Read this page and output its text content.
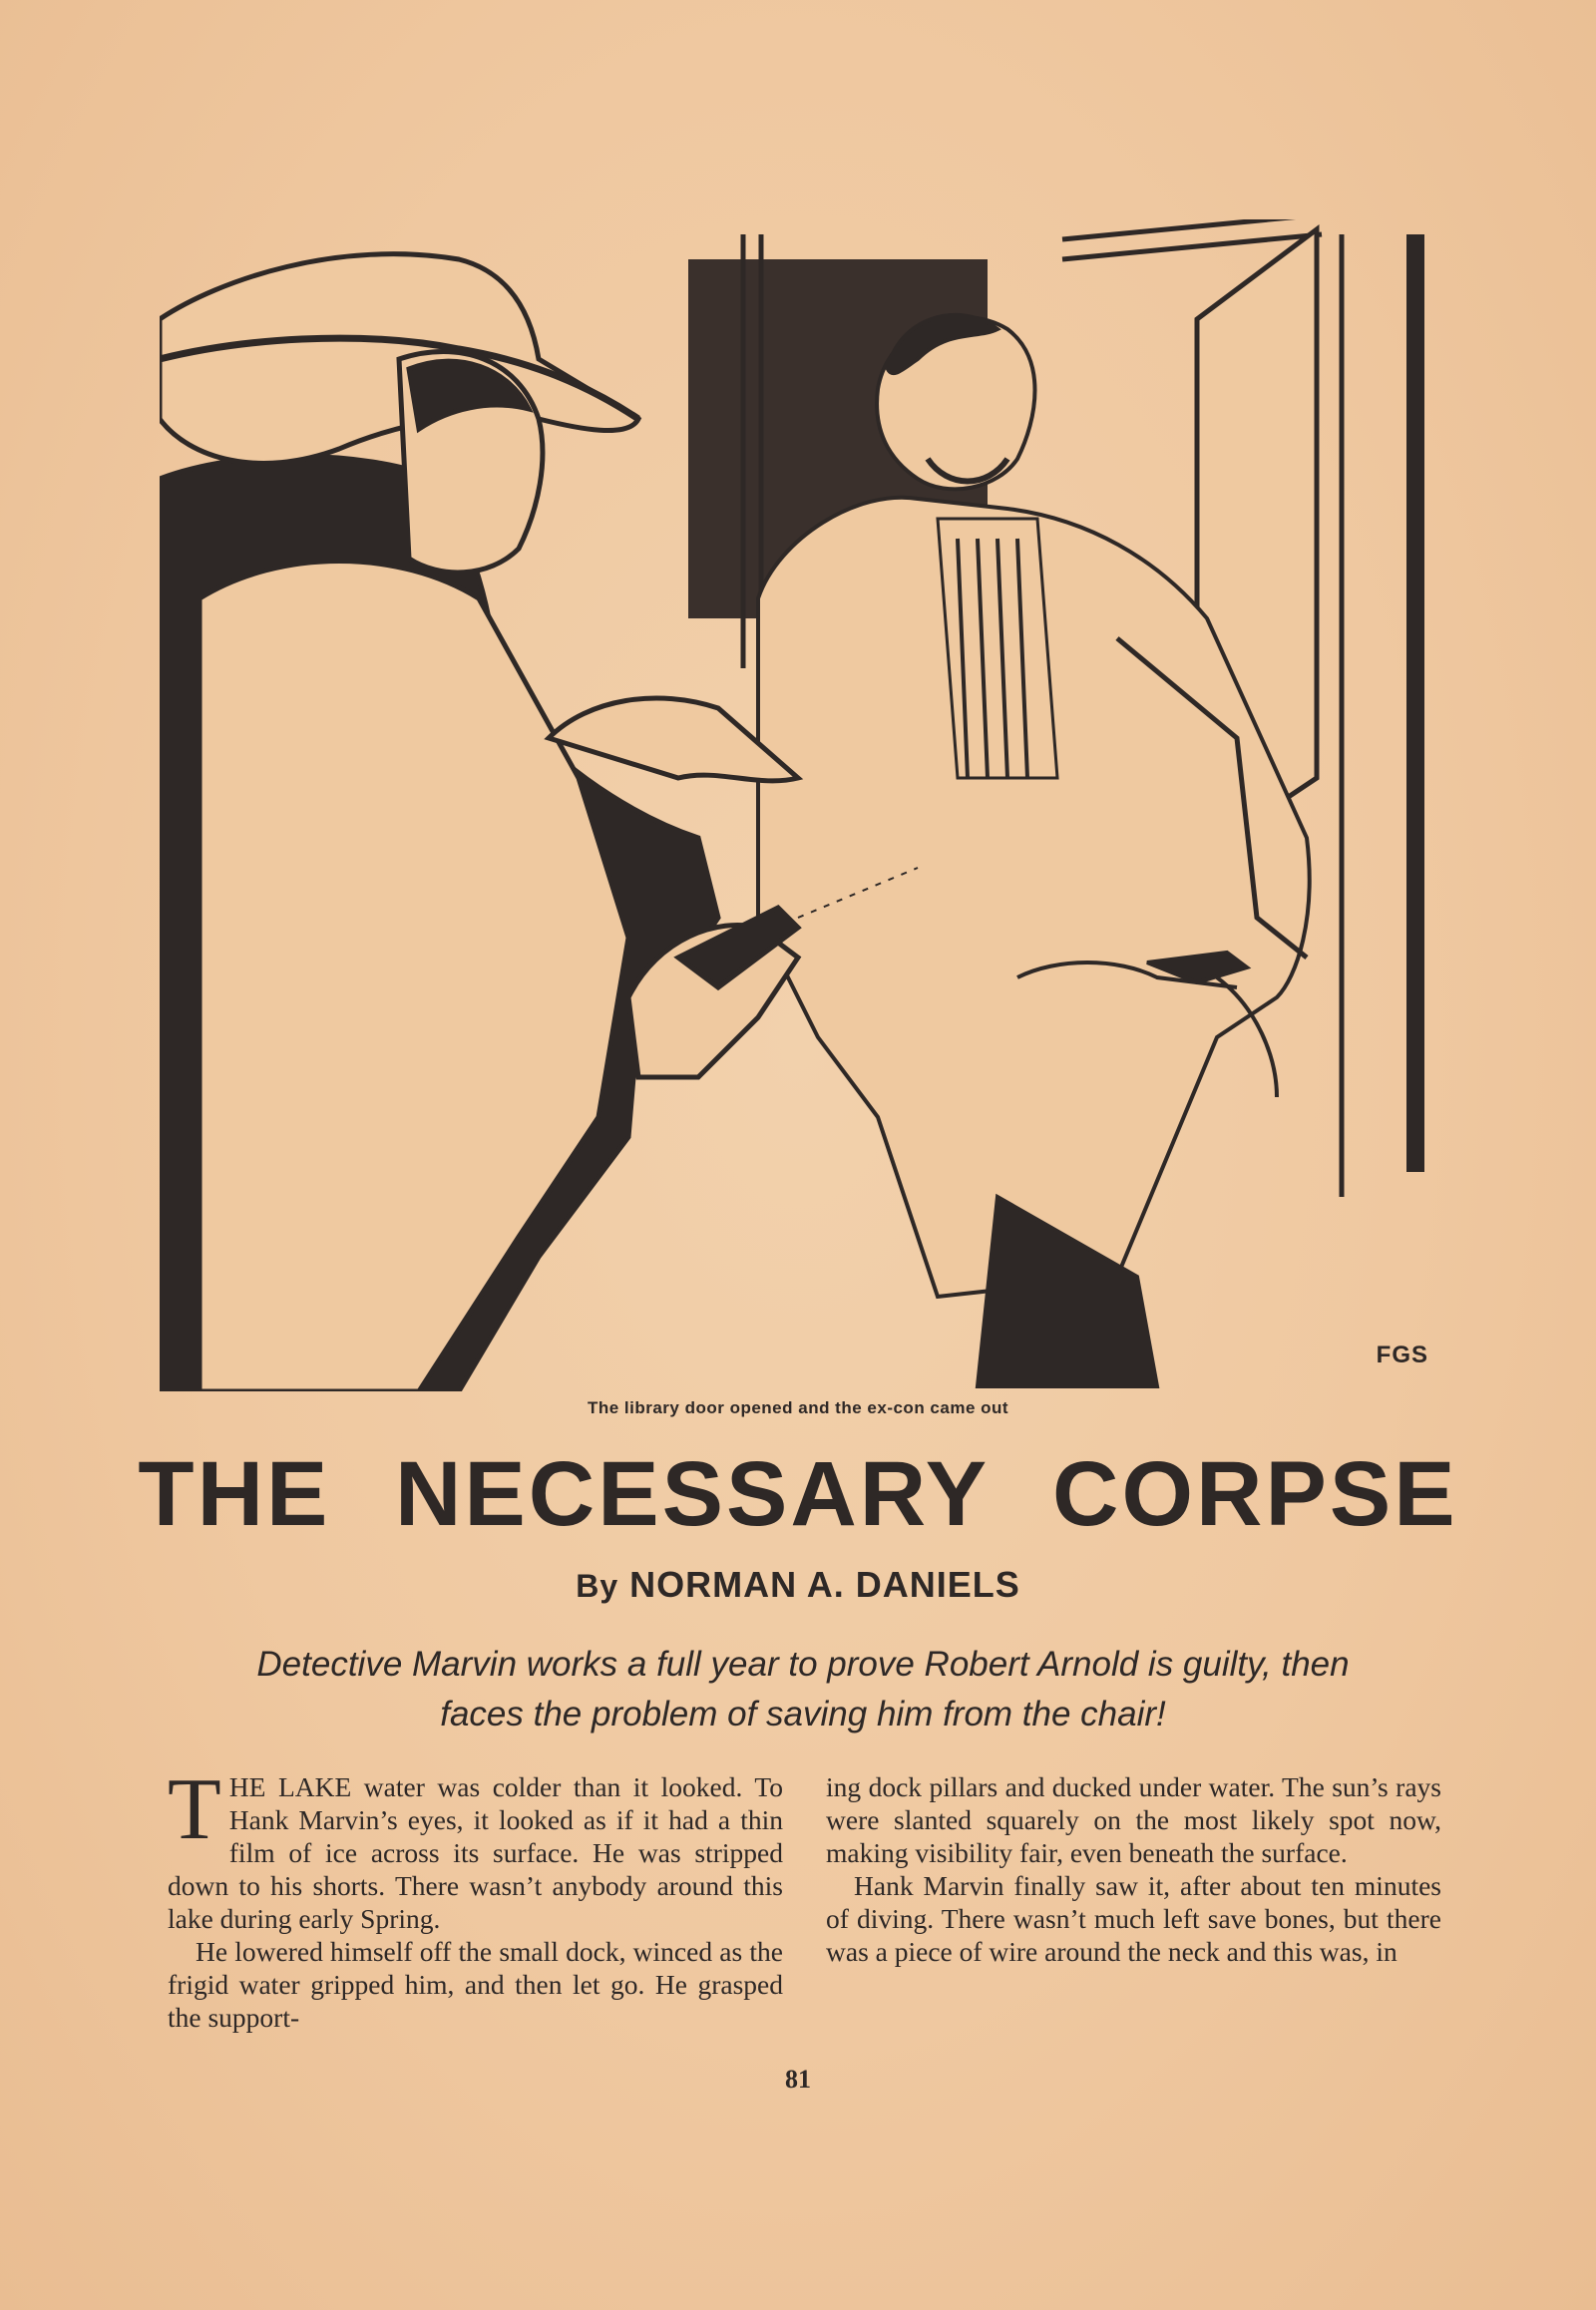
FGS
The library door opened and the ex-con came out
THE NECESSARY CORPSE
By NORMAN A. DANIELS
Detective Marvin works a full year to prove Robert Arnold is guilty, then faces the problem of saving him from the chair!

THE LAKE water was colder than it looked. To Hank Marvin’s eyes, it looked as if it had a thin film of ice across its surface. He was stripped down to his shorts. There wasn’t anybody around this lake during early Spring.

He lowered himself off the small dock, winced as the frigid water gripped him, and then let go. He grasped the support-

ing dock pillars and ducked under water. The sun’s rays were slanted squarely on the most likely spot now, making visibility fair, even beneath the surface.

Hank Marvin finally saw it, after about ten minutes of diving. There wasn’t much left save bones, but there was a piece of wire around the neck and this was, in

81
